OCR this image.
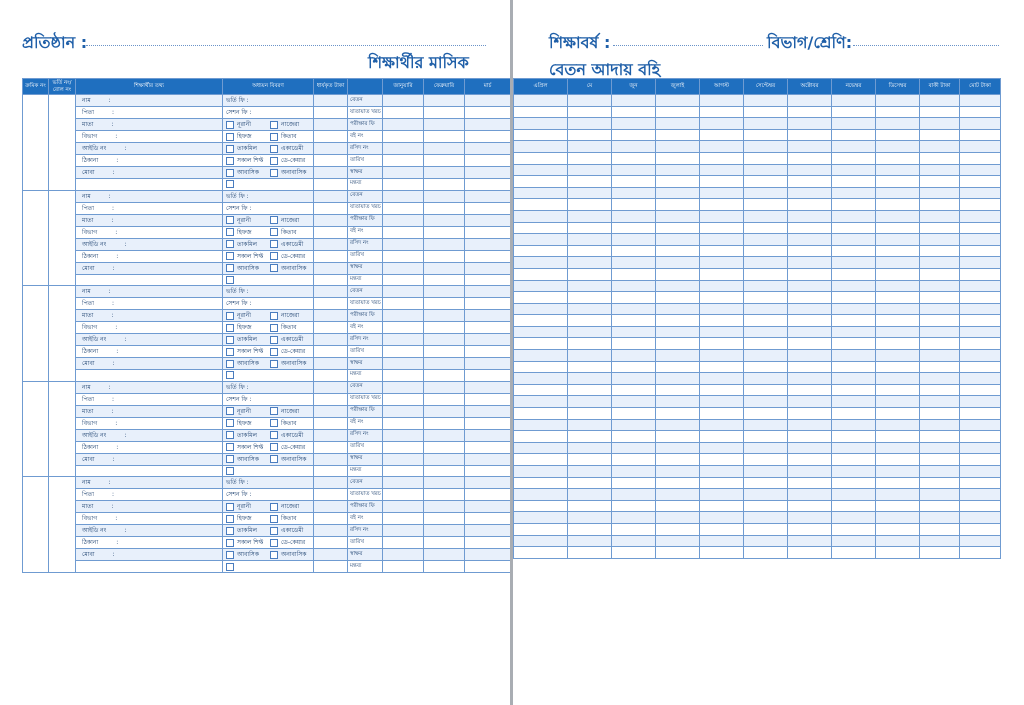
প্রতিষ্ঠান :
শিক্ষার্থীর মাসিক
ক্রমিক নং	ভর্তি নং/ রোল নং	শিক্ষার্থীর তথ্য	অধ্যয়ন বিবরণ	ধার্যকৃত টাকা		জানুয়ারি	ফেব্রুয়ারি	মার্চ
		নাম :	ভর্তি ফি :		বেতন			
		পিতা :	সেশন ফি :		যাতায়াত খরচ			
		মাতা :	নূরানী নাজেরা		পরীক্ষার ফি			
		বিভাগ :	হিফজ কিতাব		বই নং			
		আইডি নং :	তাকমিল একাডেমী		রসিদ নং			
		ঠিকানা :	সকাল শিফ্ট ডে-কেয়ার		তারিখ			
		মোবা :	আবাসিক অনাবাসিক		স্বাক্ষর			
					মন্তব্য			
		নাম :	ভর্তি ফি :		বেতন			
		পিতা :	সেশন ফি :		যাতায়াত খরচ			
		মাতা :	নূরানী নাজেরা		পরীক্ষার ফি			
		বিভাগ :	হিফজ কিতাব		বই নং			
		আইডি নং :	তাকমিল একাডেমী		রসিদ নং			
		ঠিকানা :	সকাল শিফ্ট ডে-কেয়ার		তারিখ			
		মোবা :	আবাসিক অনাবাসিক		স্বাক্ষর			
					মন্তব্য			
		নাম :	ভর্তি ফি :		বেতন			
		পিতা :	সেশন ফি :		যাতায়াত খরচ			
		মাতা :	নূরানী নাজেরা		পরীক্ষার ফি			
		বিভাগ :	হিফজ কিতাব		বই নং			
		আইডি নং :	তাকমিল একাডেমী		রসিদ নং			
		ঠিকানা :	সকাল শিফ্ট ডে-কেয়ার		তারিখ			
		মোবা :	আবাসিক অনাবাসিক		স্বাক্ষর			
					মন্তব্য			
		নাম :	ভর্তি ফি :		বেতন			
		পিতা :	সেশন ফি :		যাতায়াত খরচ			
		মাতা :	নূরানী নাজেরা		পরীক্ষার ফি			
		বিভাগ :	হিফজ কিতাব		বই নং			
		আইডি নং :	তাকমিল একাডেমী		রসিদ নং			
		ঠিকানা :	সকাল শিফ্ট ডে-কেয়ার		তারিখ			
		মোবা :	আবাসিক অনাবাসিক		স্বাক্ষর			
					মন্তব্য			
		নাম :	ভর্তি ফি :		বেতন			
		পিতা :	সেশন ফি :		যাতায়াত খরচ			
		মাতা :	নূরানী নাজেরা		পরীক্ষার ফি			
		বিভাগ :	হিফজ কিতাব		বই নং			
		আইডি নং :	তাকমিল একাডেমী		রসিদ নং			
		ঠিকানা :	সকাল শিফ্ট ডে-কেয়ার		তারিখ			
		মোবা :	আবাসিক অনাবাসিক		স্বাক্ষর			
					মন্তব্য			
শিক্ষাবর্ষ :	বিভাগ/শ্রেণি:
বেতন আদায় বহি
এপ্রিল	মে	জুন	জুলাই	আগস্ট	সেপ্টেম্বর	অক্টোবর	নভেম্বর	ডিসেম্বর	বাকী টাকা	মোট টাকা
